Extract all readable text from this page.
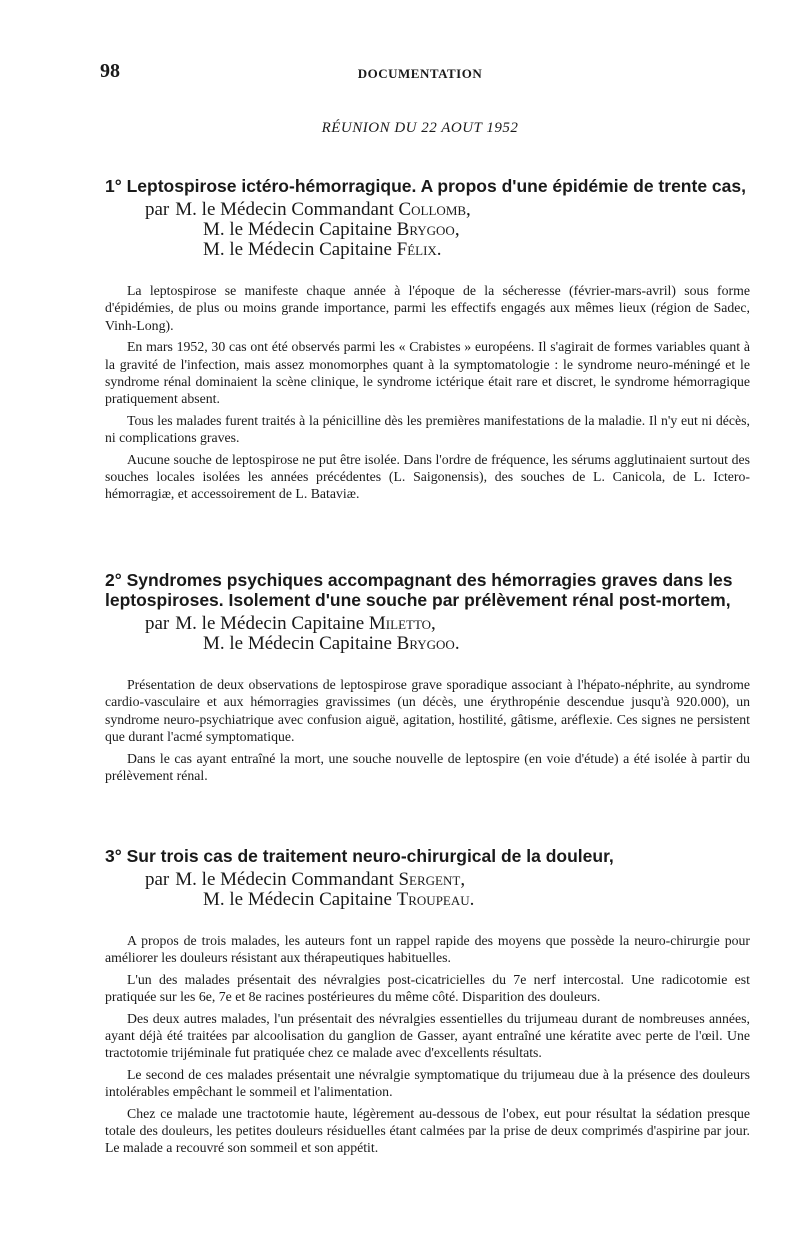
98	DOCUMENTATION
RÉUNION DU 22 AOUT 1952
1° Leptospirose ictéro-hémorragique. A propos d'une épidémie de trente cas,
par M. le Médecin Commandant Collomb,
M. le Médecin Capitaine Brygoo,
M. le Médecin Capitaine Félix.

La leptospirose se manifeste chaque année à l'époque de la sécheresse (février-mars-avril) sous forme d'épidémies, de plus ou moins grande importance, parmi les effectifs engagés aux mêmes lieux (région de Sadec, Vinh-Long).

En mars 1952, 30 cas ont été observés parmi les « Crabistes » européens. Il s'agirait de formes variables quant à la gravité de l'infection, mais assez monomorphes quant à la symptomatologie : le syndrome neuro-méningé et le syndrome rénal dominaient la scène clinique, le syndrome ictérique était rare et discret, le syndrome hémorragique pratiquement absent.

Tous les malades furent traités à la pénicilline dès les premières manifestations de la maladie. Il n'y eut ni décès, ni complications graves.

Aucune souche de leptospirose ne put être isolée. Dans l'ordre de fréquence, les sérums agglutinaient surtout des souches locales isolées les années précédentes (L. Saigonensis), des souches de L. Canicola, de L. Ictero-hémorragiæ, et accessoirement de L. Bataviæ.

2° Syndromes psychiques accompagnant des hémorragies graves dans les leptospiroses. Isolement d'une souche par prélèvement rénal post-mortem,
par M. le Médecin Capitaine Miletto,
M. le Médecin Capitaine Brygoo.

Présentation de deux observations de leptospirose grave sporadique associant à l'hépato-néphrite, au syndrome cardio-vasculaire et aux hémorragies gravissimes (un décès, une érythropénie descendue jusqu'à 920.000), un syndrome neuro-psychiatrique avec confusion aiguë, agitation, hostilité, gâtisme, aréflexie. Ces signes ne persistent que durant l'acmé symptomatique.

Dans le cas ayant entraîné la mort, une souche nouvelle de leptospire (en voie d'étude) a été isolée à partir du prélèvement rénal.

3° Sur trois cas de traitement neuro-chirurgical de la douleur,
par M. le Médecin Commandant Sergent,
M. le Médecin Capitaine Troupeau.

A propos de trois malades, les auteurs font un rappel rapide des moyens que possède la neuro-chirurgie pour améliorer les douleurs résistant aux thérapeutiques habituelles.

L'un des malades présentait des névralgies post-cicatricielles du 7e nerf intercostal. Une radicotomie est pratiquée sur les 6e, 7e et 8e racines postérieures du même côté. Disparition des douleurs.

Des deux autres malades, l'un présentait des névralgies essentielles du trijumeau durant de nombreuses années, ayant déjà été traitées par alcoolisation du ganglion de Gasser, ayant entraîné une kératite avec perte de l'œil. Une tractotomie trijéminale fut pratiquée chez ce malade avec d'excellents résultats.

Le second de ces malades présentait une névralgie symptomatique du trijumeau due à la présence des douleurs intolérables empêchant le sommeil et l'alimentation.

Chez ce malade une tractotomie haute, légèrement au-dessous de l'obex, eut pour résultat la sédation presque totale des douleurs, les petites douleurs résiduelles étant calmées par la prise de deux comprimés d'aspirine par jour. Le malade a recouvré son sommeil et son appétit.
